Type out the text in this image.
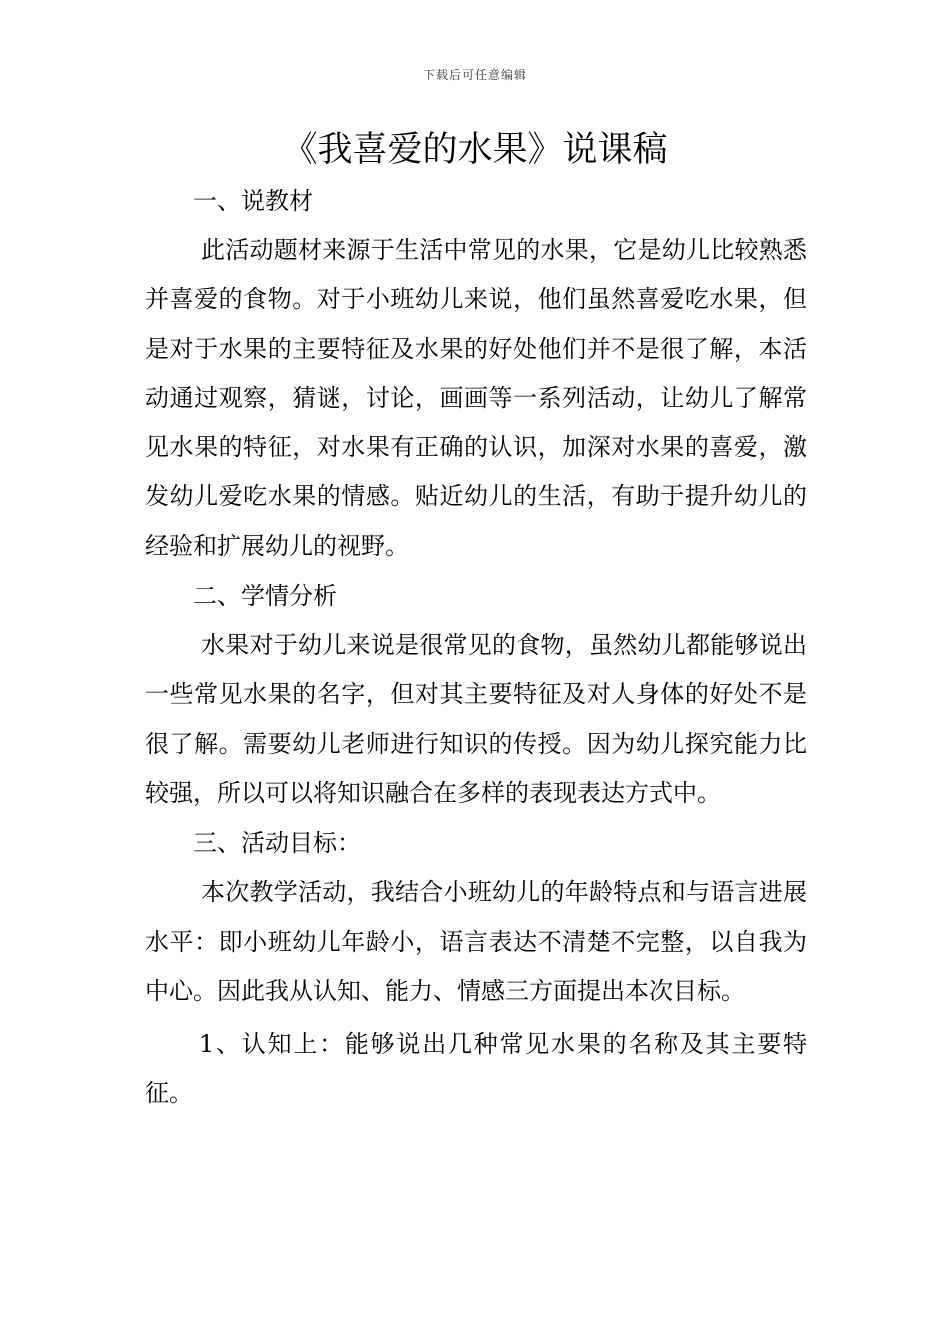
下载后可任意编辑
《我喜爱的水果》说课稿
一、说教材

此活动题材来源于生活中常见的水果，它是幼儿比较熟悉并喜爱的食物。对于小班幼儿来说，他们虽然喜爱吃水果，但是对于水果的主要特征及水果的好处他们并不是很了解，本活动通过观察，猜谜，讨论，画画等一系列活动，让幼儿了解常见水果的特征，对水果有正确的认识，加深对水果的喜爱，激发幼儿爱吃水果的情感。贴近幼儿的生活，有助于提升幼儿的经验和扩展幼儿的视野。

二、学情分析

水果对于幼儿来说是很常见的食物，虽然幼儿都能够说出一些常见水果的名字，但对其主要特征及对人身体的好处不是很了解。需要幼儿老师进行知识的传授。因为幼儿探究能力比较强，所以可以将知识融合在多样的表现表达方式中。

三、活动目标：

本次教学活动，我结合小班幼儿的年龄特点和与语言进展水平：即小班幼儿年龄小，语言表达不清楚不完整，以自我为中心。因此我从认知、能力、情感三方面提出本次目标。

1、认知上：能够说出几种常见水果的名称及其主要特征。
